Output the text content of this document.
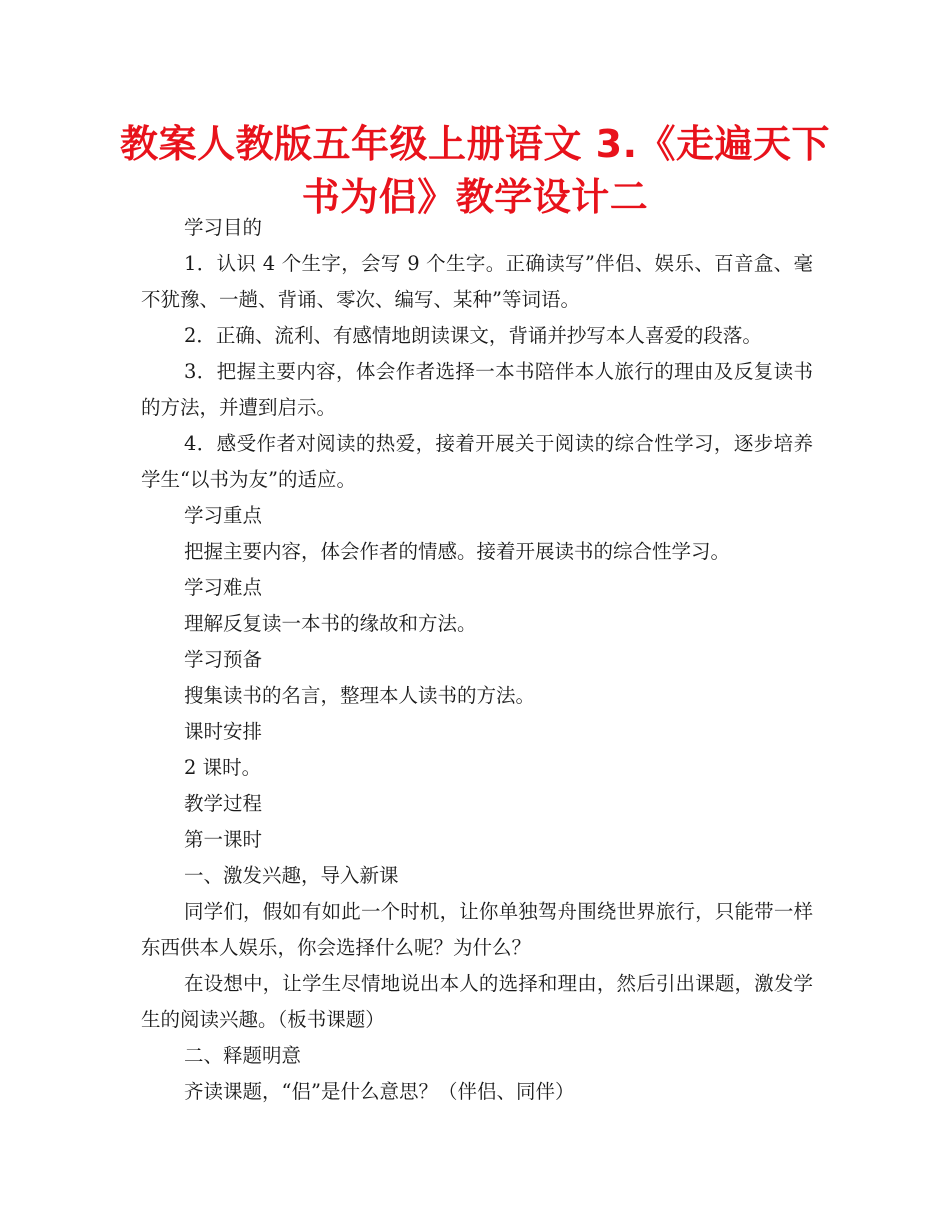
教案人教版五年级上册语文 3.《走遍天下
书为侣》教学设计二

学习目的

1．认识 4 个生字，会写 9 个生字。正确读写”伴侣、娱乐、百音盒、毫不犹豫、一趟、背诵、零次、编写、某种”等词语。

2．正确、流利、有感情地朗读课文，背诵并抄写本人喜爱的段落。

3．把握主要内容，体会作者选择一本书陪伴本人旅行的理由及反复读书的方法，并遭到启示。

4．感受作者对阅读的热爱，接着开展关于阅读的综合性学习，逐步培养学生“以书为友”的适应。

学习重点

把握主要内容，体会作者的情感。接着开展读书的综合性学习。

学习难点

理解反复读一本书的缘故和方法。

学习预备

搜集读书的名言，整理本人读书的方法。

课时安排

2 课时。

教学过程

第一课时

一、激发兴趣，导入新课

同学们，假如有如此一个时机，让你单独驾舟围绕世界旅行，只能带一样东西供本人娱乐，你会选择什么呢？为什么？

在设想中，让学生尽情地说出本人的选择和理由，然后引出课题，激发学生的阅读兴趣。（板书课题）

二、释题明意

齐读课题，“侣”是什么意思？（伴侣、同伴）
